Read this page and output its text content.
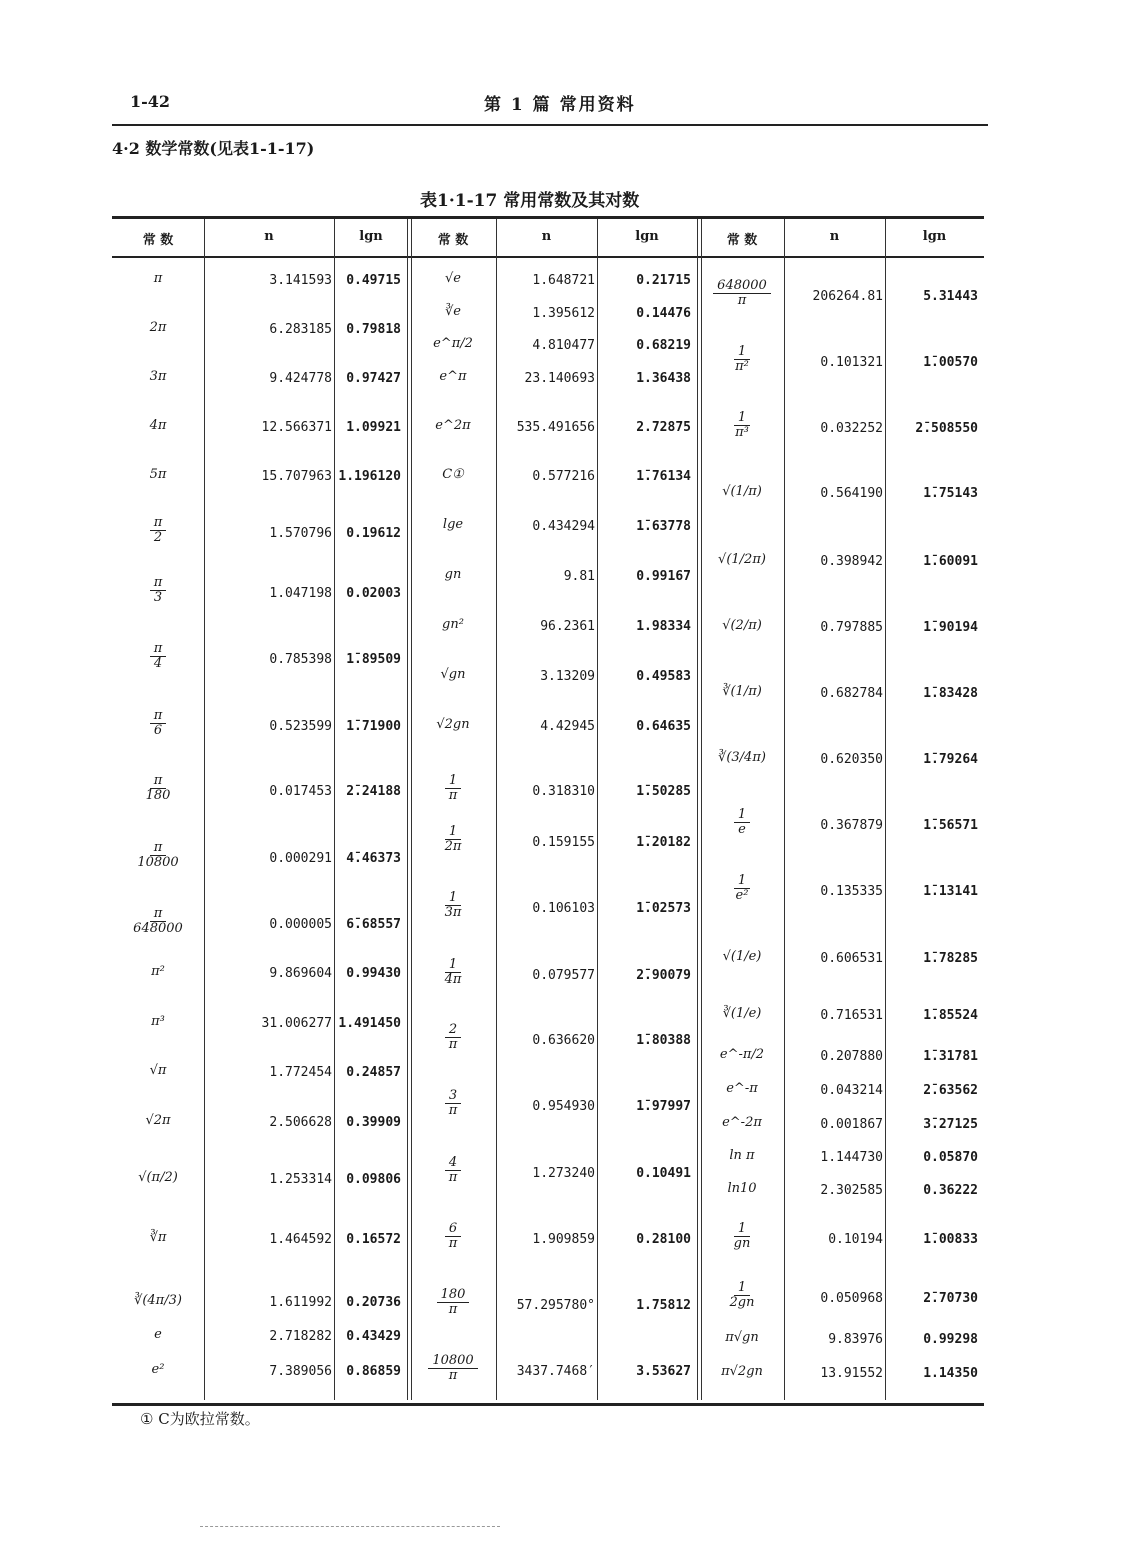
1-42	第 1 篇 常用资料
4·2 数学常数(见表1-1-17)
表1·1-17 常用常数及其对数
常 数	n	lgn	常 数	n	lgn	常 数	n	lgn
π	3.141593 0.49715
2π	6.283185 0.79818
3π	9.424778 0.97427
4π	12.566371 1.09921
5π	15.707963 1.196120
$\frac{\pi}{2}$	1.570796 0.19612
$\frac{\pi}{3}$	1.047198 0.02003
$\frac{\pi}{4}$	0.785398 1̄.89509
$\frac{\pi}{6}$	0.523599 1̄.71900
$\frac{\pi}{180}$	0.017453 2̄.24188
$\frac{\pi}{10800}$	0.000291 4̄.46373
$\frac{\pi}{648000}$	0.000005 6̄.68557
π²	9.869604 0.99430
π³	31.006277 1.491450
√π	1.772454 0.24857
√2π	2.506628 0.39909
√(π/2)	1.253314 0.09806
∛π	1.464592 0.16572
∛(4π/3)	1.611992 0.20736
e	2.718282 0.43429
e²	7.389056 0.86859
√e	1.648721	0.21715
∛e	1.395612	0.14476
e^π/2	4.810477	0.68219
e^π	23.140693	1.36438
e^2π	535.491656	2.72875
C①	0.577216	1̄.76134
lge	0.434294	1̄.63778
gn	9.81	0.99167
gn²	96.2361	1.98334
√gn	3.13209	0.49583
√2gn	4.42945	0.64635
$\frac{1}{\pi}$	0.318310	1̄.50285
$\frac{1}{2\pi}$	0.159155	1̄.20182
$\frac{1}{3\pi}$	0.106103	1̄.02573
$\frac{1}{4\pi}$	0.079577	2̄.90079
$\frac{2}{\pi}$	0.636620	1̄.80388
$\frac{3}{\pi}$	0.954930	1̄.97997
$\frac{4}{\pi}$	1.273240	0.10491
$\frac{6}{\pi}$	1.909859	0.28100
$\frac{180}{\pi}$	57.295780°	1.75812
$\frac{10800}{\pi}$	3437.7468′	3.53627
$\frac{648000}{\pi}$	206264.81	5.31443
$\frac{1}{\text{π²}}$	0.101321	1̄.00570
$\frac{1}{\text{π³}}$	0.032252 2̄.508550
√(1/π)	0.564190	1̄.75143
√(1/2π)	0.398942	1̄.60091
√(2/π)	0.797885	1̄.90194
∛(1/π)	0.682784	1̄.83428
∛(3/4π)	0.620350	1̄.79264
$\frac{1}{e}$	0.367879	1̄.56571
$\frac{1}{\text{e²}}$	0.135335	1̄.13141
√(1/e)	0.606531	1̄.78285
∛(1/e)	0.716531	1̄.85524
e^-π/2	0.207880	1̄.31781
e^-π	0.043214	2̄.63562
e^-2π	0.001867	3̄.27125
ln π	1.144730	0.05870
ln10	2.302585	0.36222
$\frac{1}{gn}$	0.10194	1̄.00833
$\frac{1}{2gn}$	0.050968	2̄.70730
π√gn	9.83976	0.99298
π√2gn	13.91552	1.14350
① C为欧拉常数。
